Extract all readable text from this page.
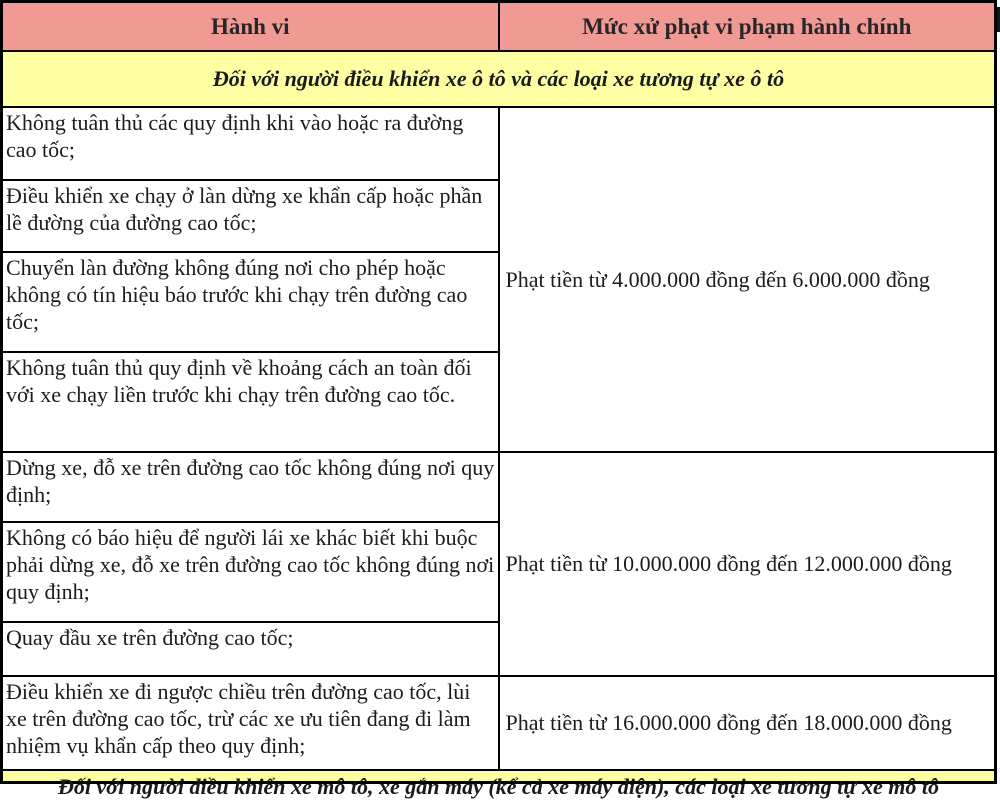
Hành vi	Mức xử phạt vi phạm hành chính
Đối với người điều khiển xe ô tô và các loại xe tương tự xe ô tô	
Không tuân thủ các quy định khi vào hoặc ra đường cao tốc;	Phạt tiền từ 4.000.000 đồng đến 6.000.000 đồng
Điều khiển xe chạy ở làn dừng xe khẩn cấp hoặc phần lề đường của đường cao tốc;	
Chuyển làn đường không đúng nơi cho phép hoặc không có tín hiệu báo trước khi chạy trên đường cao tốc;	
Không tuân thủ quy định về khoảng cách an toàn đối với xe chạy liền trước khi chạy trên đường cao tốc.	
Dừng xe, đỗ xe trên đường cao tốc không đúng nơi quy định;	Phạt tiền từ 10.000.000 đồng đến 12.000.000 đồng
Không có báo hiệu để người lái xe khác biết khi buộc phải dừng xe, đỗ xe trên đường cao tốc không đúng nơi quy định;	
Quay đầu xe trên đường cao tốc;	
Điều khiển xe đi ngược chiều trên đường cao tốc, lùi xe trên đường cao tốc, trừ các xe ưu tiên đang đi làm nhiệm vụ khẩn cấp theo quy định;	Phạt tiền từ 16.000.000 đồng đến 18.000.000 đồng

Đối với người điều khiển xe mô tô, xe gắn máy (kể cả xe máy điện), các loại xe tương tự xe mô tô	
